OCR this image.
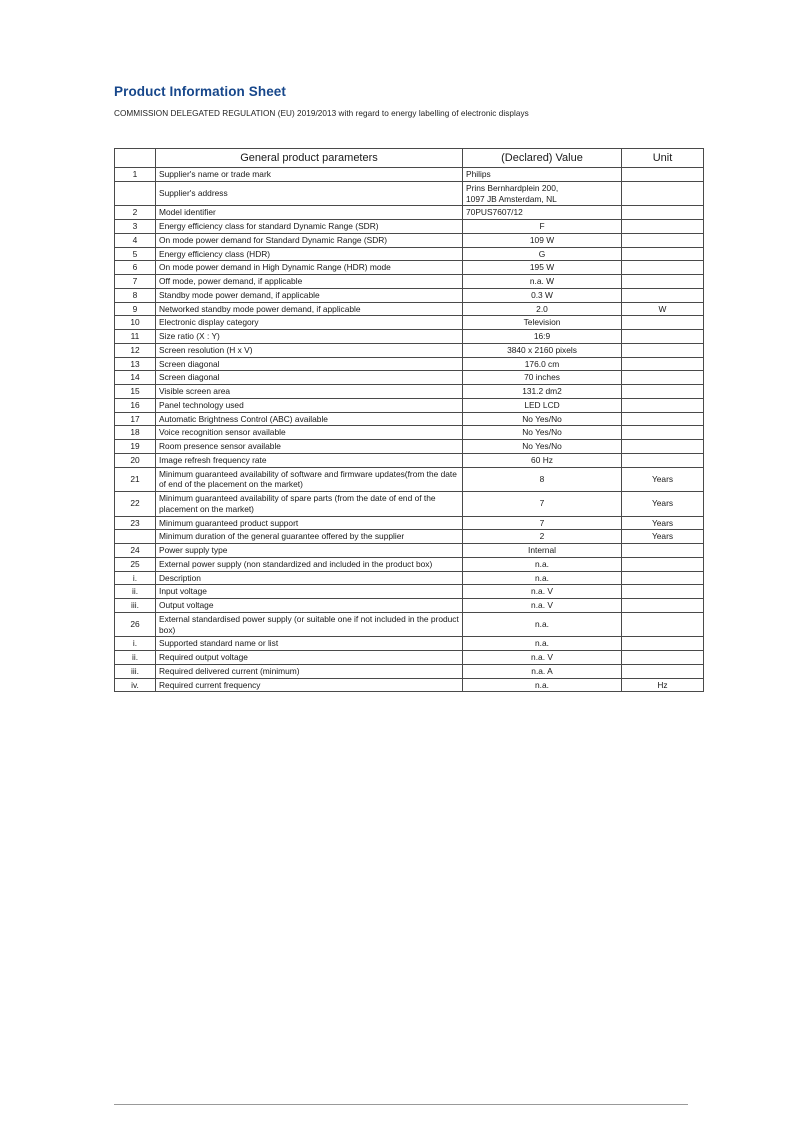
Product Information Sheet
COMMISSION DELEGATED REGULATION (EU) 2019/2013 with regard to energy labelling of electronic displays
	General product parameters	(Declared) Value	Unit
1	Supplier's name or trade mark	Philips	
	Supplier's address	Prins Bernhardplein 200,
1097 JB Amsterdam, NL	
2	Model identifier	70PUS7607/12	
3	Energy efficiency class for standard Dynamic Range (SDR)	F	
4	On mode power demand for Standard Dynamic Range (SDR)	109 W	
5	Energy efficiency class (HDR)	G	
6	On mode power demand in High Dynamic Range (HDR) mode	195 W	
7	Off mode, power demand, if applicable	n.a. W	
8	Standby mode power demand, if applicable	0.3 W	
9	Networked standby mode power demand, if applicable	2.0	W
10	Electronic display category	Television	
11	Size ratio (X : Y)	16:9	
12	Screen resolution (H x V)	3840 x 2160 pixels	
13	Screen diagonal	176.0 cm	
14	Screen diagonal	70 inches	
15	Visible screen area	131.2 dm2	
16	Panel technology used	LED LCD	
17	Automatic Brightness Control (ABC) available	No Yes/No	
18	Voice recognition sensor available	No Yes/No	
19	Room presence sensor available	No Yes/No	
20	Image refresh frequency rate	60 Hz	
21	Minimum guaranteed availability of software and firmware updates(from the date of end of the placement on the market)	8	Years
22	Minimum guaranteed availability of spare parts (from the date of end of the placement on the market)	7	Years
23	Minimum guaranteed product support	7	Years
	Minimum duration of the general guarantee offered by the supplier	2	Years
24	Power supply type	Internal	
25	External power supply (non standardized and included in the product box)	n.a.	
i.	Description	n.a.	
ii.	Input voltage	n.a. V	
iii.	Output voltage	n.a. V	
26	External standardised power supply (or suitable one if not included in the product box)	n.a.	
i.	Supported standard name or list	n.a.	
ii.	Required output voltage	n.a. V	
iii.	Required delivered current (minimum)	n.a. A	
iv.	Required current frequency	n.a.	Hz
